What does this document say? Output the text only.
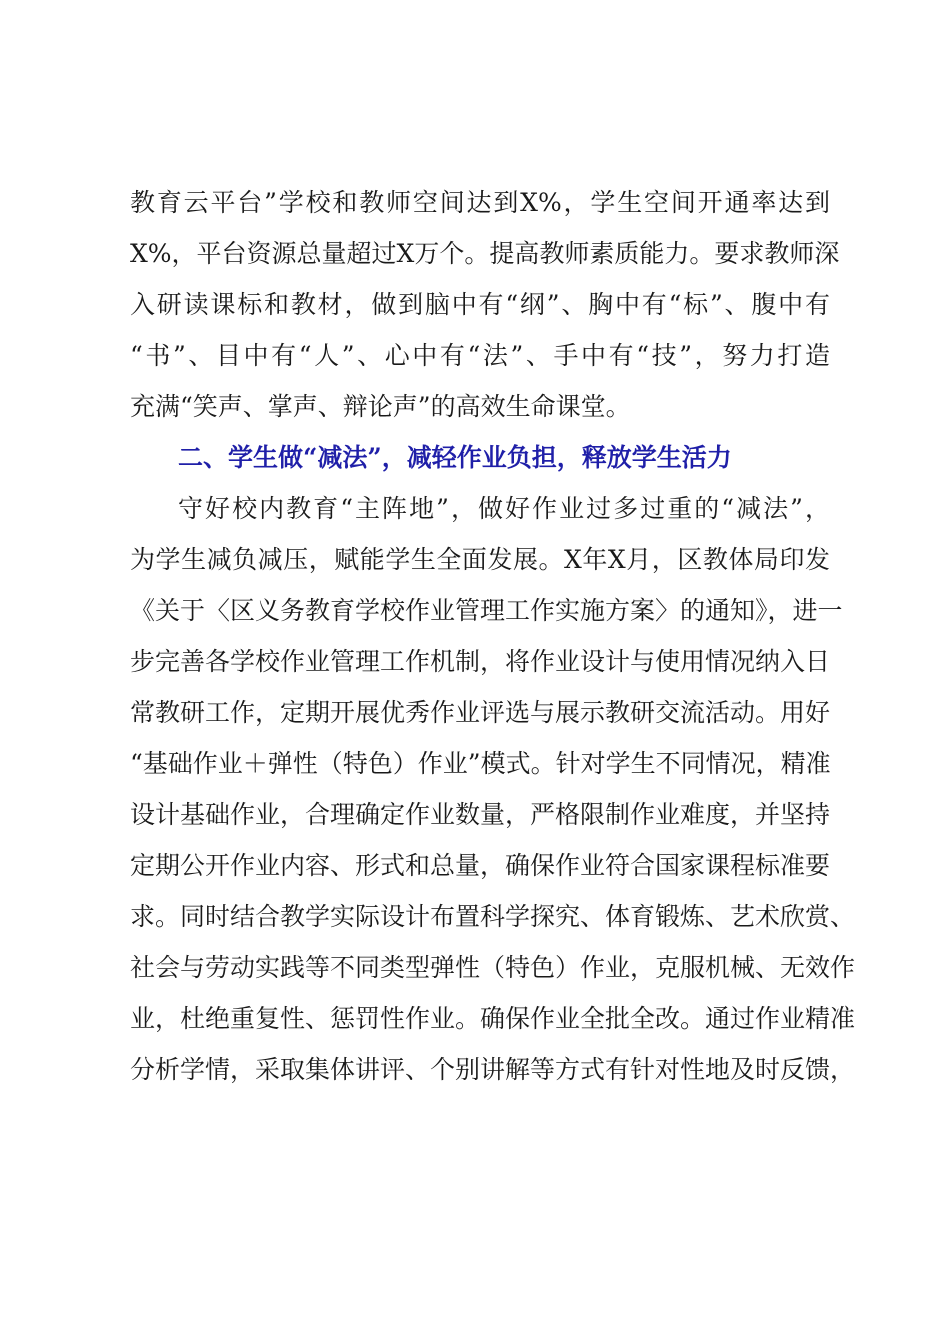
教育云平台”学校和教师空间达到X%，学生空间开通率达到
X%，平台资源总量超过X万个。提高教师素质能力。要求教师深
入研读课标和教材，做到脑中有“纲”、胸中有“标”、腹中有
“书”、目中有“人”、心中有“法”、手中有“技”，努力打造
充满“笑声、掌声、辩论声”的高效生命课堂。
二、学生做“减法”，减轻作业负担，释放学生活力
守好校内教育“主阵地”，做好作业过多过重的“减法”，
为学生减负减压，赋能学生全面发展。X年X月，区教体局印发
《关于〈区义务教育学校作业管理工作实施方案〉的通知》，进一
步完善各学校作业管理工作机制，将作业设计与使用情况纳入日
常教研工作，定期开展优秀作业评选与展示教研交流活动。用好
“基础作业＋弹性（特色）作业”模式。针对学生不同情况，精准
设计基础作业，合理确定作业数量，严格限制作业难度，并坚持
定期公开作业内容、形式和总量，确保作业符合国家课程标准要
求。同时结合教学实际设计布置科学探究、体育锻炼、艺术欣赏、
社会与劳动实践等不同类型弹性（特色）作业，克服机械、无效作
业，杜绝重复性、惩罚性作业。确保作业全批全改。通过作业精准
分析学情，采取集体讲评、个别讲解等方式有针对性地及时反馈，
